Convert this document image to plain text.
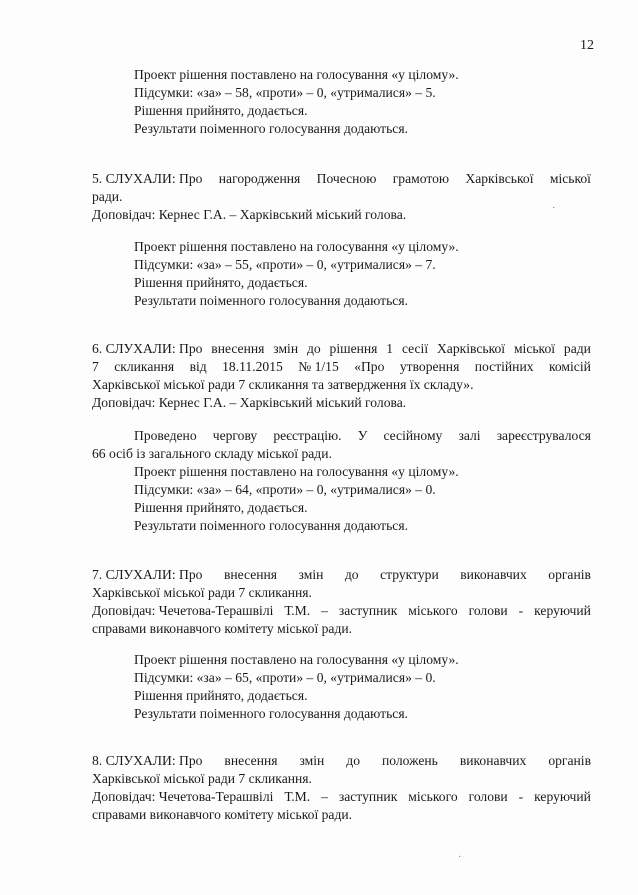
12
Проект рішення поставлено на голосування «у цілому».
Підсумки: «за» – 58, «проти» – 0, «утрималися» – 5.
Рішення прийнято, додається.
Результати поіменного голосування додаються.
5. СЛУХАЛИ: Про нагородження Почесною грамотою Харківської міської
ради.
Доповідач: Кернес Г.А. – Харківський міський голова.
Проект рішення поставлено на голосування «у цілому».
Підсумки: «за» – 55, «проти» – 0, «утрималися» – 7.
Рішення прийнято, додається.
Результати поіменного голосування додаються.
6. СЛУХАЛИ: Про внесення змін до рішення 1 сесії Харківської міської ради
7 скликання від 18.11.2015 № 1/15 «Про утворення постійних комісій
Харківської міської ради 7 скликання та затвердження їх складу».
Доповідач: Кернес Г.А. – Харківський міський голова.
Проведено чергову реєстрацію. У сесійному залі зареєструвалося
66 осіб із загального складу міської ради.
Проект рішення поставлено на голосування «у цілому».
Підсумки: «за» – 64, «проти» – 0, «утрималися» – 0.
Рішення прийнято, додається.
Результати поіменного голосування додаються.
7. СЛУХАЛИ: Про внесення змін до структури виконавчих органів
Харківської міської ради 7 скликання.
Доповідач: Чечетова-Терашвілі Т.М. – заступник міського голови - керуючий
справами виконавчого комітету міської ради.
Проект рішення поставлено на голосування «у цілому».
Підсумки: «за» – 65, «проти» – 0, «утрималися» – 0.
Рішення прийнято, додається.
Результати поіменного голосування додаються.
8. СЛУХАЛИ: Про внесення змін до положень виконавчих органів
Харківської міської ради 7 скликання.
Доповідач: Чечетова-Терашвілі Т.М. – заступник міського голови - керуючий
справами виконавчого комітету міської ради.
˙
·
